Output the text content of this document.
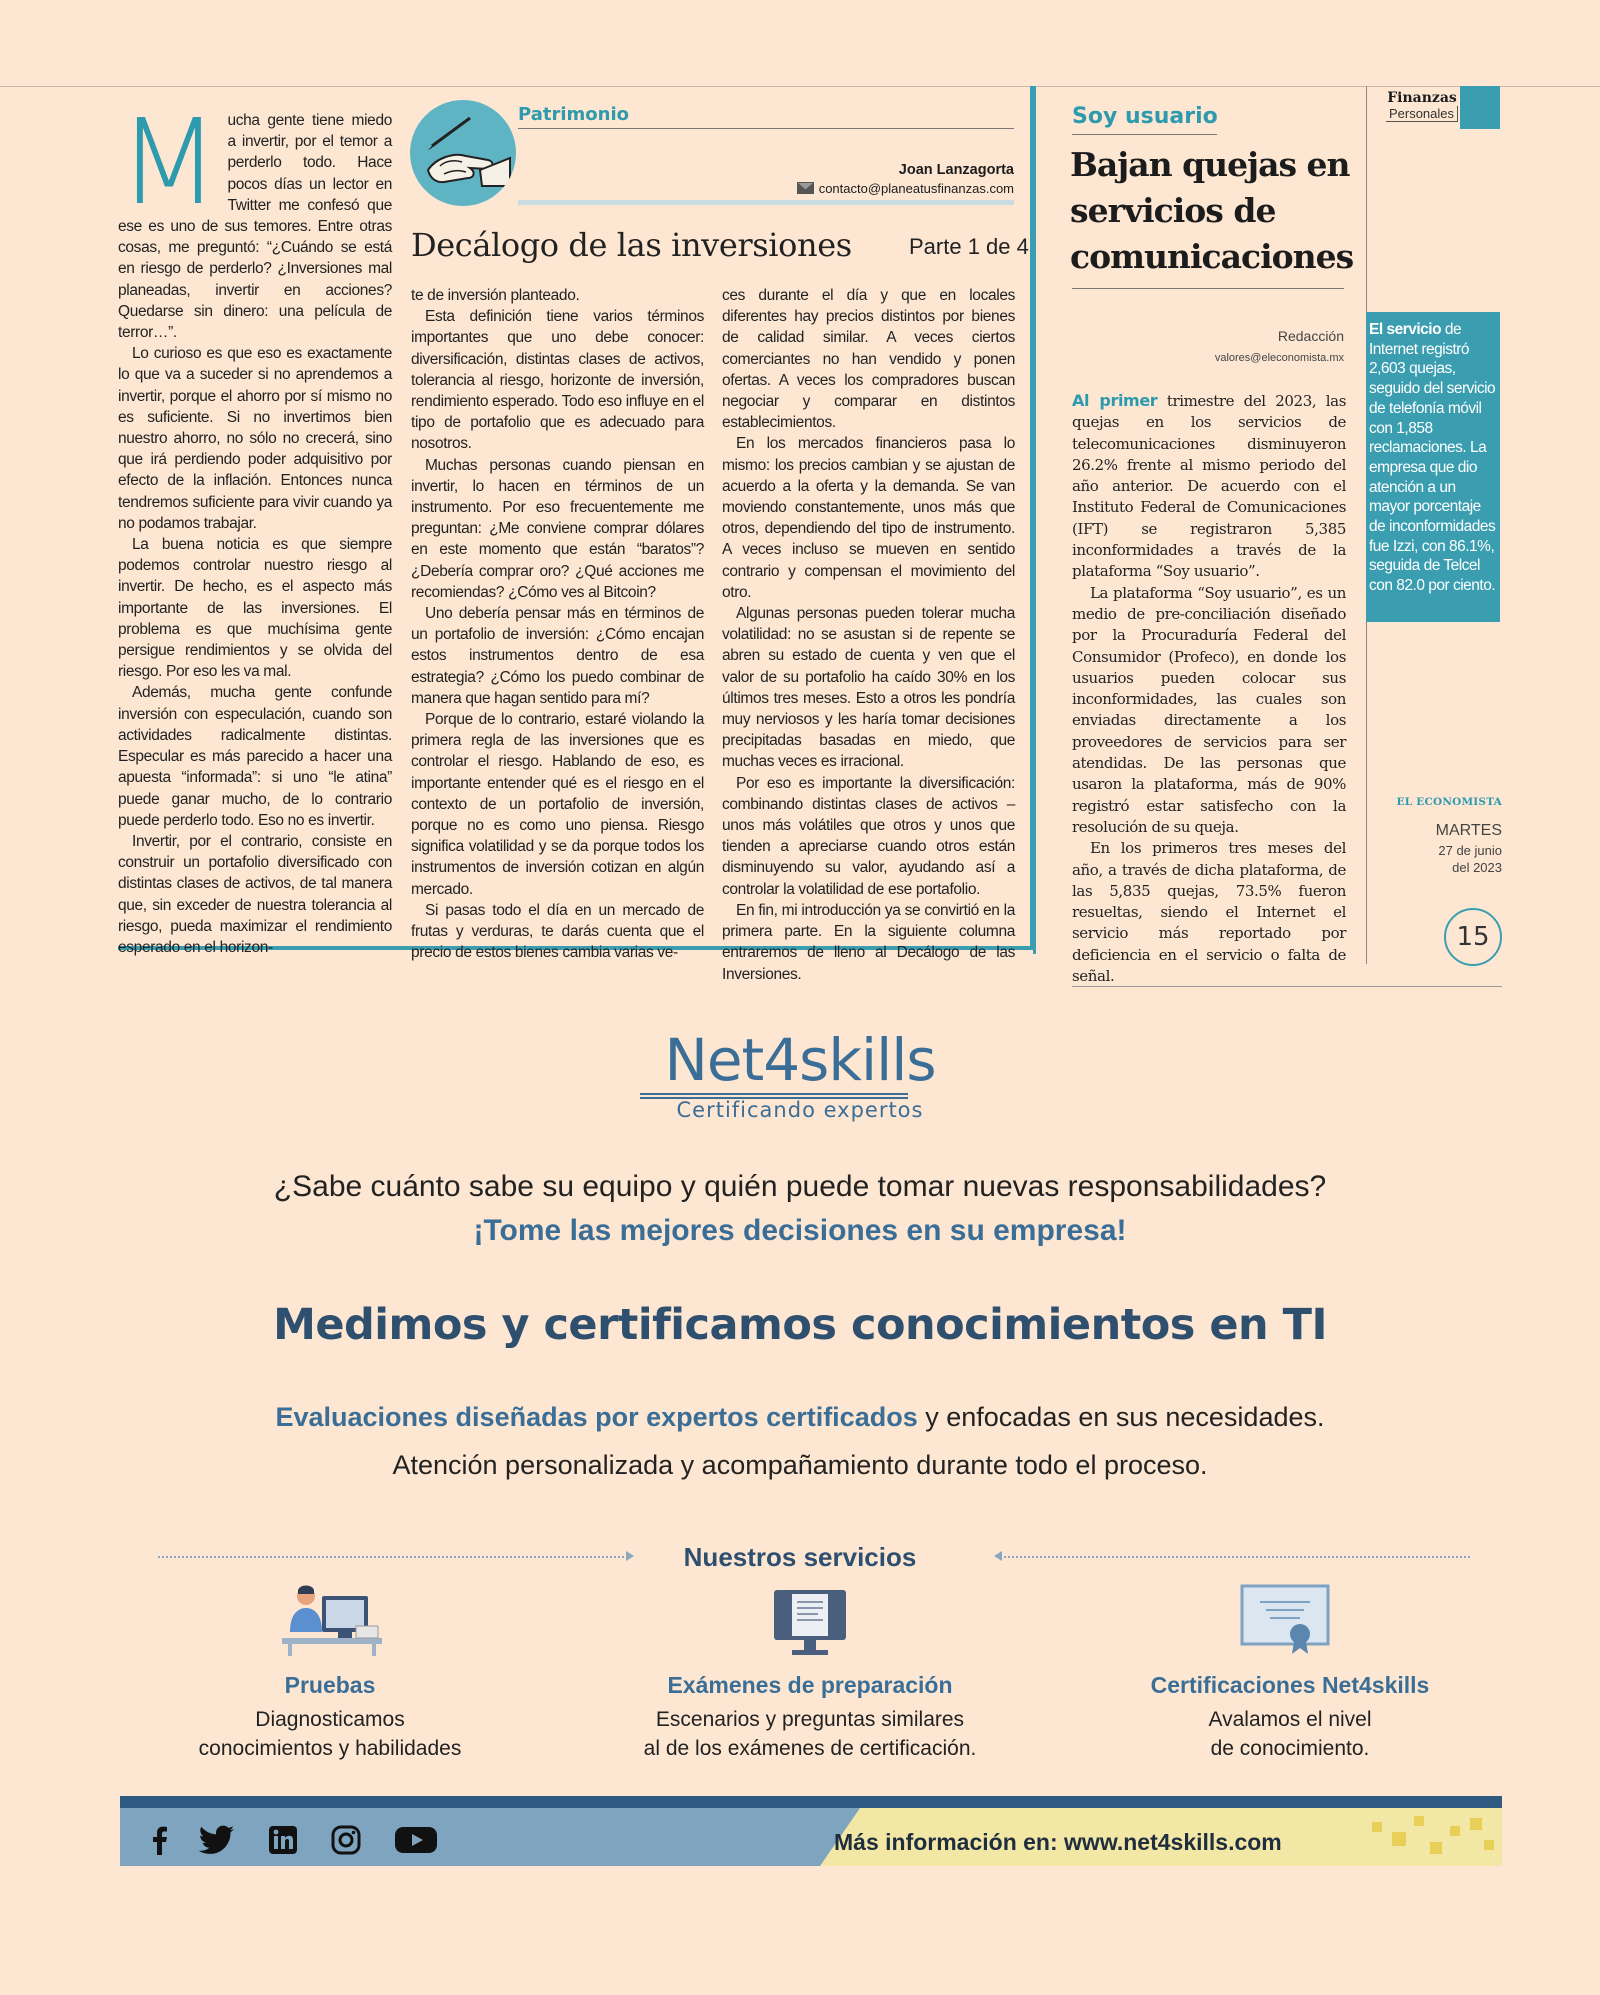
M ucha gente tiene miedo a invertir, por el temor a perderlo todo. Hace pocos días un lector en Twitter me confesó que ese es uno de sus temores. Entre otras cosas, me preguntó: “¿Cuándo se está en riesgo de perderlo? ¿Inversiones mal planeadas, invertir en acciones? Quedarse sin dinero: una película de terror…”.

Lo curioso es que eso es exactamente lo que va a suceder si no aprendemos a invertir, porque el ahorro por sí mismo no es suficiente. Si no invertimos bien nuestro ahorro, no sólo no crecerá, sino que irá perdiendo poder adquisitivo por efecto de la inflación. Entonces nunca tendremos suficiente para vivir cuando ya no podamos trabajar.

La buena noticia es que siempre podemos controlar nuestro riesgo al invertir. De hecho, es el aspecto más importante de las inversiones. El problema es que muchísima gente persigue rendimientos y se olvida del riesgo. Por eso les va mal.

Además, mucha gente confunde inversión con especulación, cuando son actividades radicalmente distintas. Especular es más parecido a hacer una apuesta “informada”: si uno “le atina” puede ganar mucho, de lo contrario puede perderlo todo. Eso no es invertir.

Invertir, por el contrario, consiste en construir un portafolio diversificado con distintas clases de activos, de tal manera que, sin exceder de nuestra tolerancia al riesgo, pueda maximizar el rendimiento esperado en el horizon-

Patrimonio
Joan Lanzagorta
contacto@planeatusfinanzas.com
Decálogo de las inversiones	Parte 1 de 4

te de inversión planteado.

Esta definición tiene varios términos importantes que uno debe conocer: diversificación, distintas clases de activos, tolerancia al riesgo, horizonte de inversión, rendimiento esperado. Todo eso influye en el tipo de portafolio que es adecuado para nosotros.

Muchas personas cuando piensan en invertir, lo hacen en términos de un instrumento. Por eso frecuentemente me preguntan: ¿Me conviene comprar dólares en este momento que están “baratos”? ¿Debería comprar oro? ¿Qué acciones me recomiendas? ¿Cómo ves al Bitcoin?

Uno debería pensar más en términos de un portafolio de inversión: ¿Cómo encajan estos instrumentos dentro de esa estrategia? ¿Cómo los puedo combinar de manera que hagan sentido para mí?

Porque de lo contrario, estaré violando la primera regla de las inversiones que es controlar el riesgo. Hablando de eso, es importante entender qué es el riesgo en el contexto de un portafolio de inversión, porque no es como uno piensa. Riesgo significa volatilidad y se da porque todos los instrumentos de inversión cotizan en algún mercado.

Si pasas todo el día en un mercado de frutas y verduras, te darás cuenta que el precio de estos bienes cambia varias ve-

ces durante el día y que en locales diferentes hay precios distintos por bienes de calidad similar. A veces ciertos comerciantes no han vendido y ponen ofertas. A veces los compradores buscan negociar y comparar en distintos establecimientos.

En los mercados financieros pasa lo mismo: los precios cambian y se ajustan de acuerdo a la oferta y la demanda. Se van moviendo constantemente, unos más que otros, dependiendo del tipo de instrumento. A veces incluso se mueven en sentido contrario y compensan el movimiento del otro.

Algunas personas pueden tolerar mucha volatilidad: no se asustan si de repente se abren su estado de cuenta y ven que el valor de su portafolio ha caído 30% en los últimos tres meses. Esto a otros les pondría muy nerviosos y les haría tomar decisiones precipitadas basadas en miedo, que muchas veces es irracional.

Por eso es importante la diversificación: combinando distintas clases de activos – unos más volátiles que otros y unos que tienden a apreciarse cuando otros están disminuyendo su valor, ayudando así a controlar la volatilidad de ese portafolio.

En fin, mi introducción ya se convirtió en la primera parte. En la siguiente columna entraremos de lleno al Decálogo de las Inversiones.

Soy usuario
Bajan quejas en servicios de comunicaciones
Redacción
valores@eleconomista.mx

Al primer trimestre del 2023, las quejas en los servicios de telecomunicaciones disminuyeron 26.2% frente al mismo periodo del año anterior. De acuerdo con el Instituto Federal de Comunicaciones (IFT) se registraron 5,385 inconformidades a través de la plataforma “Soy usuario”.

La plataforma “Soy usuario”, es un medio de pre-conciliación diseñado por la Procuraduría Federal del Consumidor (Profeco), en donde los usuarios pueden colocar sus inconformidades, las cuales son enviadas directamente a los proveedores de servicios para ser atendidas. De las personas que usaron la plataforma, más de 90% registró estar satisfecho con la resolución de su queja.

En los primeros tres meses del año, a través de dicha plataforma, de las 5,835 quejas, 73.5% fueron resueltas, siendo el Internet el servicio más reportado por deficiencia en el servicio o falta de señal.

Finanzas
Personales
El servicio de Internet registró 2,603 quejas, seguido del servicio de telefonía móvil con 1,858 reclamaciones. La empresa que dio atención a un mayor porcentaje de inconformidades fue Izzi, con 86.1%, seguida de Telcel con 82.0 por ciento.
EL ECONOMISTA
MARTES
27 de junio
del 2023
15
Net4skills
Certificando expertos
¿Sabe cuánto sabe su equipo y quién puede tomar nuevas responsabilidades?
¡Tome las mejores decisiones en su empresa!
Medimos y certificamos conocimientos en TI
Evaluaciones diseñadas por expertos certificados y enfocadas en sus necesidades.
Atención personalizada y acompañamiento durante todo el proceso.
Nuestros servicios
Pruebas
Diagnosticamos
conocimientos y habilidades
Exámenes de preparación
Escenarios y preguntas similares
al de los exámenes de certificación.
Certificaciones Net4skills
Avalamos el nivel
de conocimiento.
Más información en: www.net4skills.com
